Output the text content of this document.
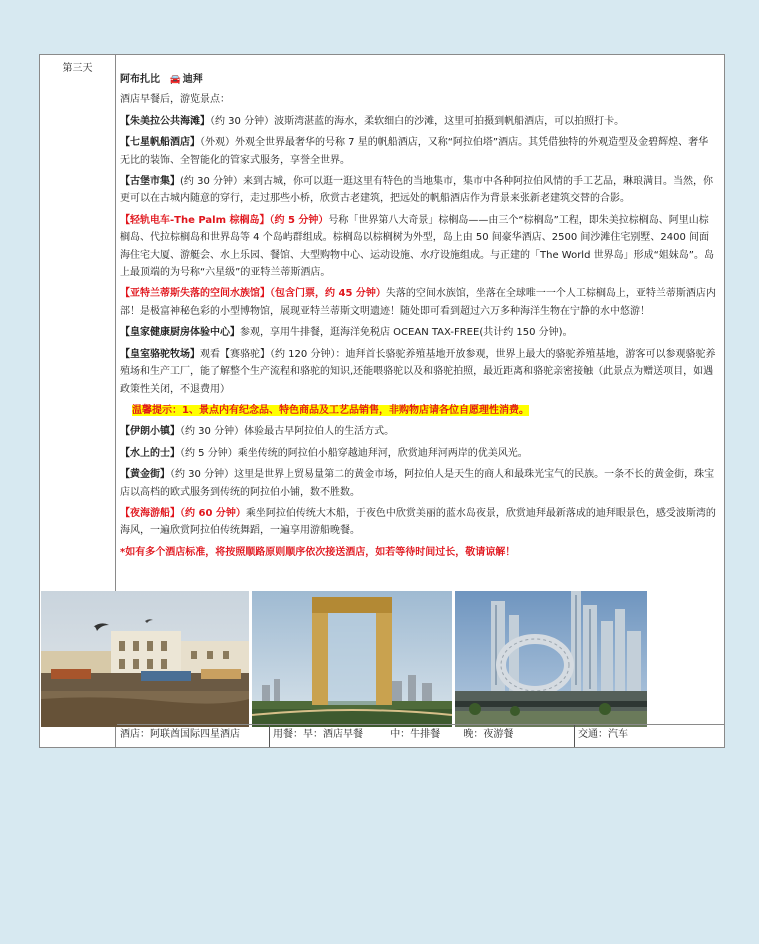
第三天

阿布扎比 🚘 迪拜

酒店早餐后，游览景点：

【朱美拉公共海滩】（约 30 分钟）波斯湾湛蓝的海水，柔软细白的沙滩，这里可拍摄到帆船酒店，可以拍照打卡。

【七星帆船酒店】（外观）外观全世界最奢华的号称 7 星的帆船酒店，又称“阿拉伯塔”酒店。其凭借独特的外观造型及金碧辉煌、奢华无比的装饰、全智能化的管家式服务，享誉全世界。

【古堡市集】(约 30 分钟）来到古城，你可以逛一逛这里有特色的当地集市，集市中各种阿拉伯风情的手工艺品，琳琅满目。当然，你更可以在古城内随意的穿行，走过那些小桥，欣赏古老建筑，把远处的帆船酒店作为背景来张新老建筑交替的合影。

【轻轨电车-The Palm 棕榈岛】（约 5 分钟）号称「世界第八大奇景」棕榈岛——由三个“棕榈岛”工程，即朱美拉棕榈岛、阿里山棕榈岛、代拉棕榈岛和世界岛等 4 个岛屿群组成。棕榈岛以棕榈树为外型，岛上由 50 间豪华酒店、2500 间沙滩住宅别墅、2400 间面海住宅大厦、游艇会、水上乐园、餐馆、大型购物中心、运动设施、水疗设施组成。与正建的「The World 世界岛」形成“姐妹岛”。岛上最顶端的为号称“六星级”的亚特兰蒂斯酒店。

【亚特兰蒂斯失落的空间水族馆】（包含门票，约 45 分钟）失落的空间水族馆，坐落在全球唯一一个人工棕榈岛上，亚特兰蒂斯酒店内部！是极富神秘色彩的小型博物馆，展现亚特兰蒂斯文明遗迹！随处即可看到超过六万多种海洋生物在宁静的水中悠游！

【皇家健康厨房体验中心】参观，享用牛排餐，逛海洋免税店 OCEAN TAX-FREE(共计约 150 分钟)。

【皇室骆驼牧场】观看【赛骆驼】（约 120 分钟）：迪拜首长骆驼养殖基地开放参观，世界上最大的骆驼养殖基地，游客可以参观骆驼养殖场和生产工厂，能了解整个生产流程和骆驼的知识,还能喂骆驼以及和骆驼拍照，最近距离和骆驼亲密接触（此景点为赠送项目，如遇政策性关闭，不退费用）

温馨提示：1、景点内有纪念品、特色商品及工艺品销售，非购物店请各位自愿理性消费。

【伊朗小镇】（约 30 分钟）体验最古早阿拉伯人的生活方式。

【水上的士】（约 5 分钟）乘坐传统的阿拉伯小船穿越迪拜河，欣赏迪拜河两岸的优美风光。

【黄金街】（约 30 分钟）这里是世界上贸易量第二的黄金市场，阿拉伯人是天生的商人和最珠光宝气的民族。一条不长的黄金街，珠宝店以高档的欧式服务到传统的阿拉伯小铺，数不胜数。

【夜海游船】（约 60 分钟）乘坐阿拉伯传统大木船，于夜色中欣赏美丽的蓝水岛夜景，欣赏迪拜最新落成的迪拜眼景色，感受波斯湾的海风，一遍欣赏阿拉伯传统舞蹈，一遍享用游船晚餐。

*如有多个酒店标准，将按照顺路原则顺序依次接送酒店，如若等待时间过长，敬请谅解！

酒店：阿联酋国际四星酒店	用餐：早：酒店早餐	中：牛排餐 晚：夜游餐	交通：汽车
